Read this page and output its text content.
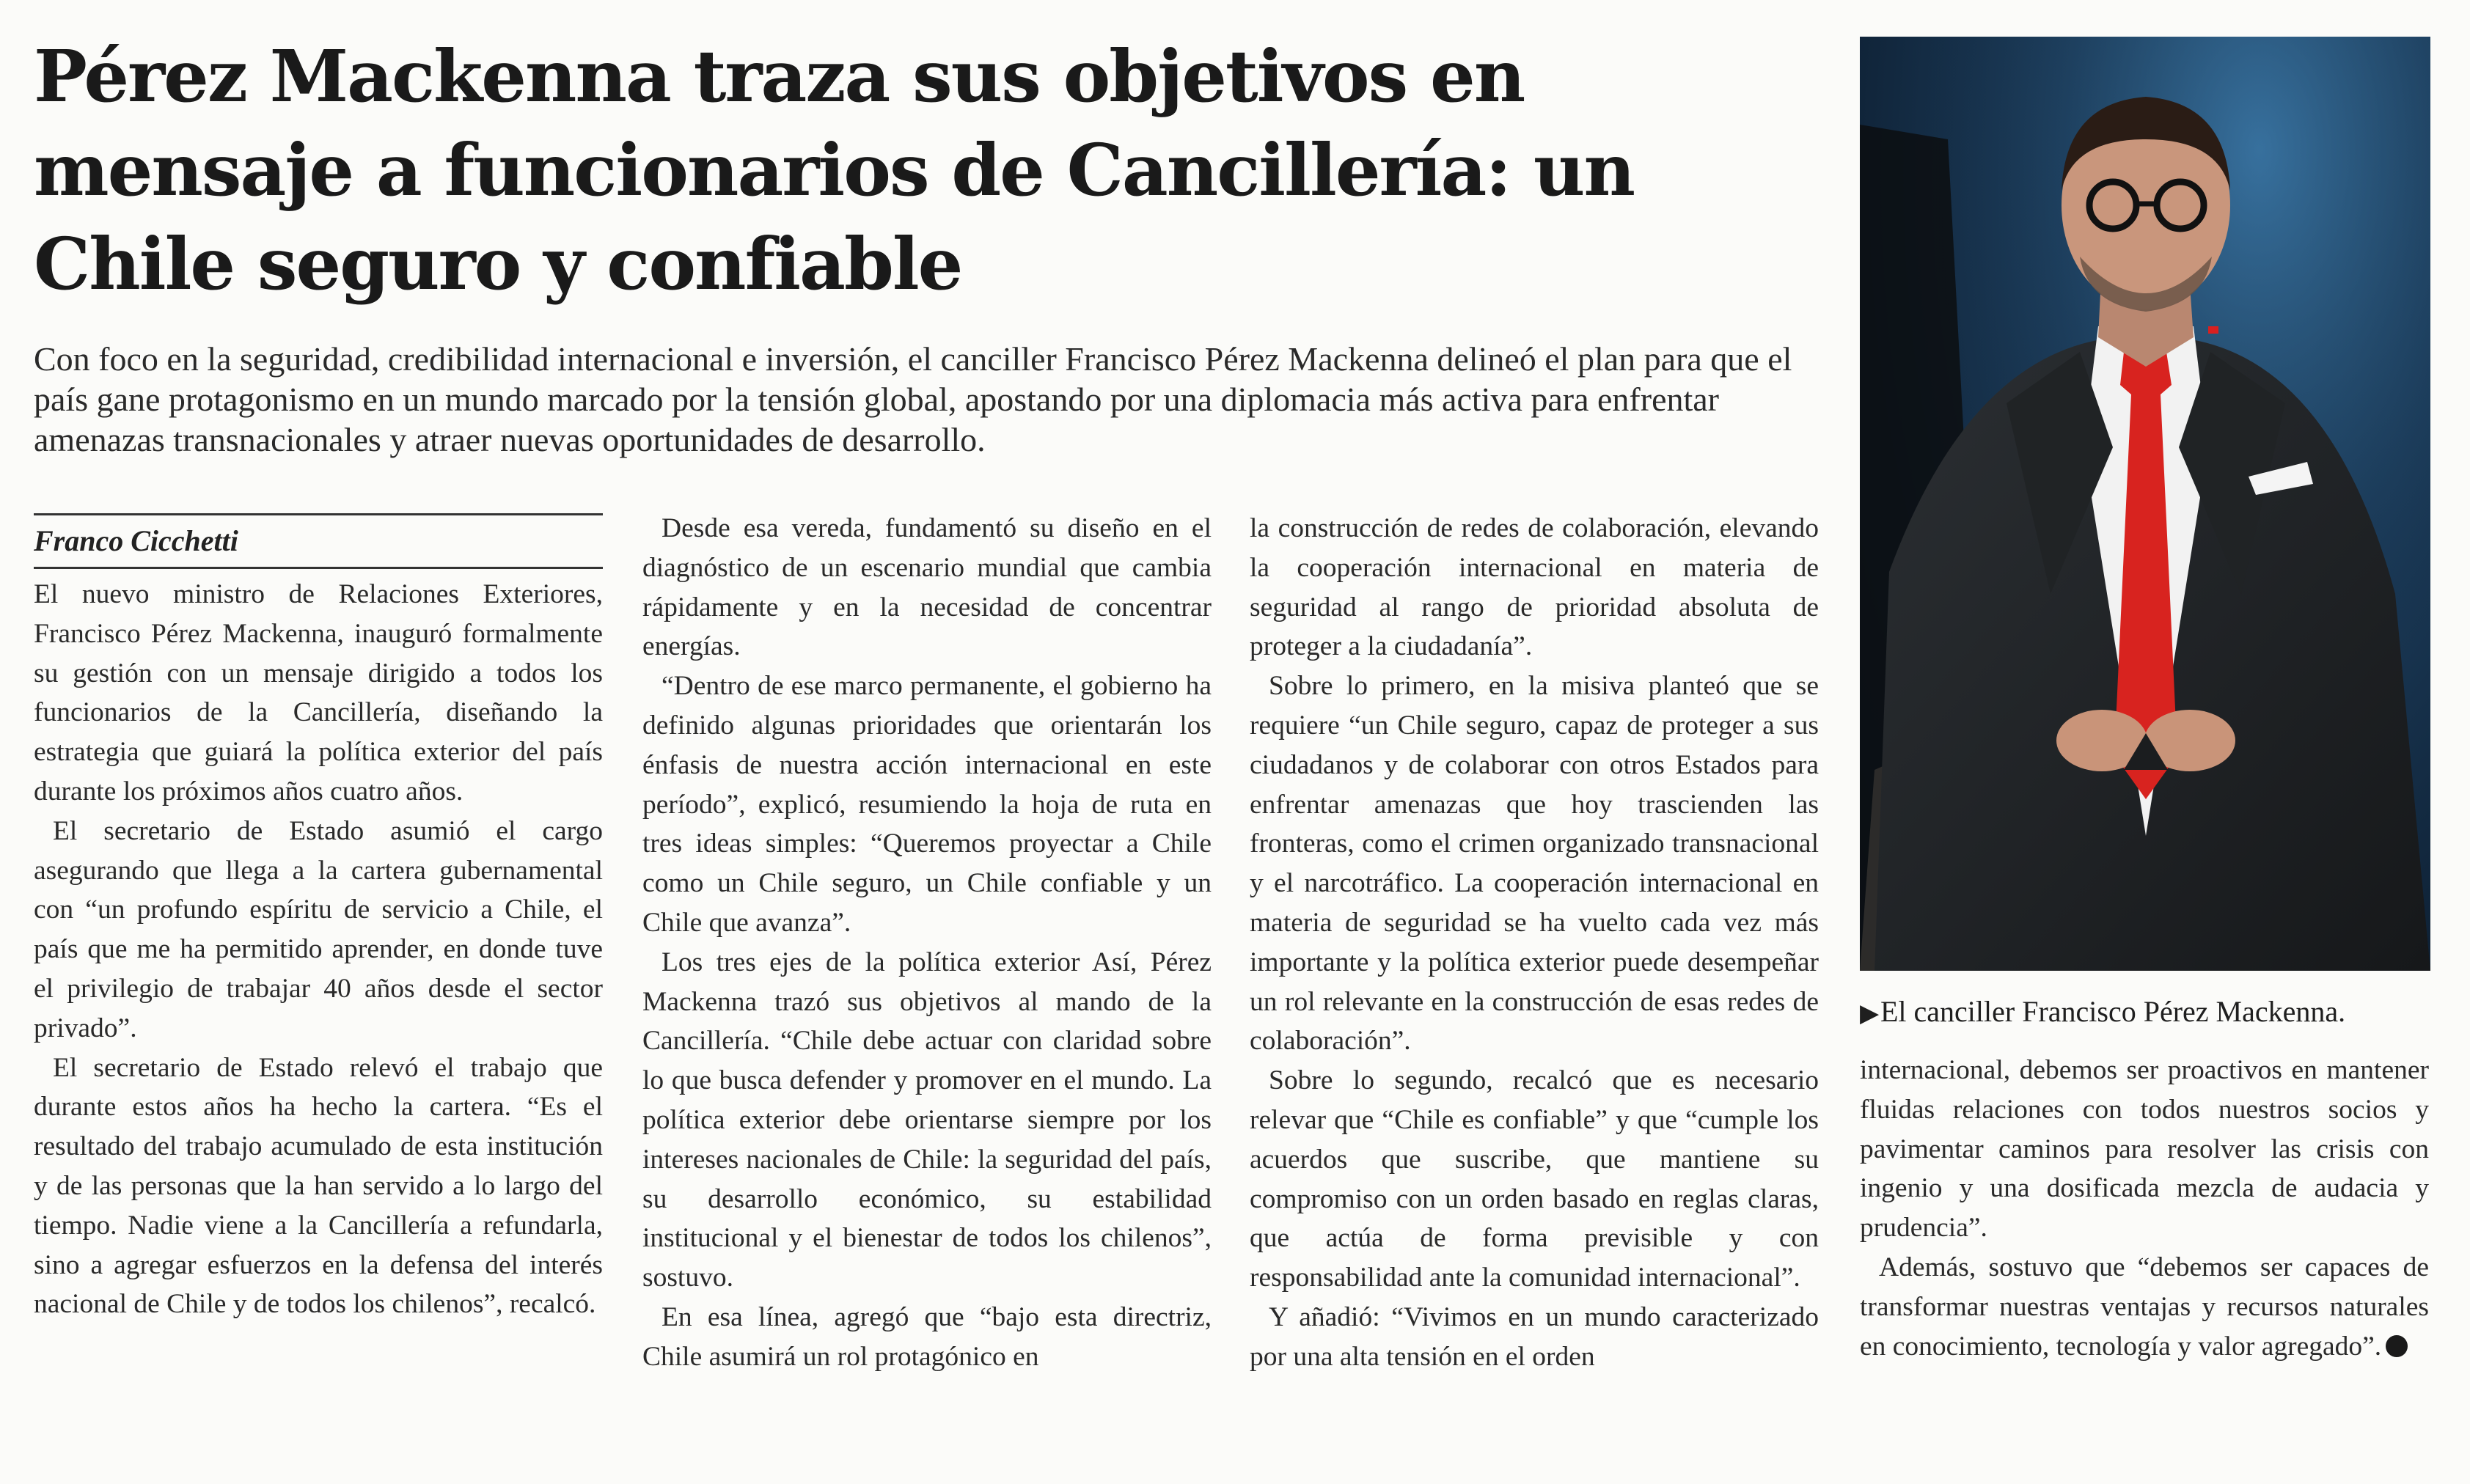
Pérez Mackenna traza sus objetivos en mensaje a funcionarios de Cancillería: un Chile seguro y confiable

Con foco en la seguridad, credibilidad internacional e inversión, el canciller Francisco Pérez Mackenna delineó el plan para que el país gane protagonismo en un mundo marcado por la tensión global, apostando por una diplomacia más activa para enfrentar amenazas transnacionales y atraer nuevas oportunidades de desarrollo.

Franco Cicchetti

El nuevo ministro de Relaciones Exteriores, Francisco Pérez Mackenna, inauguró formalmente su gestión con un mensaje dirigido a todos los funcionarios de la Cancillería, diseñando la estrategia que guiará la política exterior del país durante los próximos años cuatro años.

El secretario de Estado asumió el cargo asegurando que llega a la cartera gubernamental con “un profundo espíritu de servicio a Chile, el país que me ha permitido aprender, en donde tuve el privilegio de trabajar 40 años desde el sector privado”.

El secretario de Estado relevó el trabajo que durante estos años ha hecho la cartera. “Es el resultado del trabajo acumulado de esta institución y de las personas que la han servido a lo largo del tiempo. Nadie viene a la Cancillería a refundarla, sino a agregar esfuerzos en la defensa del interés nacional de Chile y de todos los chilenos”, recalcó.

Desde esa vereda, fundamentó su diseño en el diagnóstico de un escenario mundial que cambia rápidamente y en la necesidad de concentrar energías.

“Dentro de ese marco permanente, el gobierno ha definido algunas prioridades que orientarán los énfasis de nuestra acción internacional en este período”, explicó, resumiendo la hoja de ruta en tres ideas simples: “Queremos proyectar a Chile como un Chile seguro, un Chile confiable y un Chile que avanza”.

Los tres ejes de la política exterior Así, Pérez Mackenna trazó sus objetivos al mando de la Cancillería. “Chile debe actuar con claridad sobre lo que busca defender y promover en el mundo. La política exterior debe orientarse siempre por los intereses nacionales de Chile: la seguridad del país, su desarrollo económico, su estabilidad institucional y el bienestar de todos los chilenos”, sostuvo.

En esa línea, agregó que “bajo esta directriz, Chile asumirá un rol protagónico en

la construcción de redes de colaboración, elevando la cooperación internacional en materia de seguridad al rango de prioridad absoluta de proteger a la ciudadanía”.

Sobre lo primero, en la misiva planteó que se requiere “un Chile seguro, capaz de proteger a sus ciudadanos y de colaborar con otros Estados para enfrentar amenazas que hoy trascienden las fronteras, como el crimen organizado transnacional y el narcotráfico. La cooperación internacional en materia de seguridad se ha vuelto cada vez más importante y la política exterior puede desempeñar un rol relevante en la construcción de esas redes de colaboración”.

Sobre lo segundo, recalcó que es necesario relevar que “Chile es confiable” y que “cumple los acuerdos que suscribe, que mantiene su compromiso con un orden basado en reglas claras, que actúa de forma previsible y con responsabilidad ante la comunidad internacional”.

Y añadió: “Vivimos en un mundo caracterizado por una alta tensión en el orden

▶El canciller Francisco Pérez Mackenna.

internacional, debemos ser proactivos en mantener fluidas relaciones con todos nuestros socios y pavimentar caminos para resolver las crisis con ingenio y una dosificada mezcla de audacia y prudencia”.

Además, sostuvo que “debemos ser capaces de transformar nuestras ventajas y recursos naturales en conocimiento, tecnología y valor agregado”.
